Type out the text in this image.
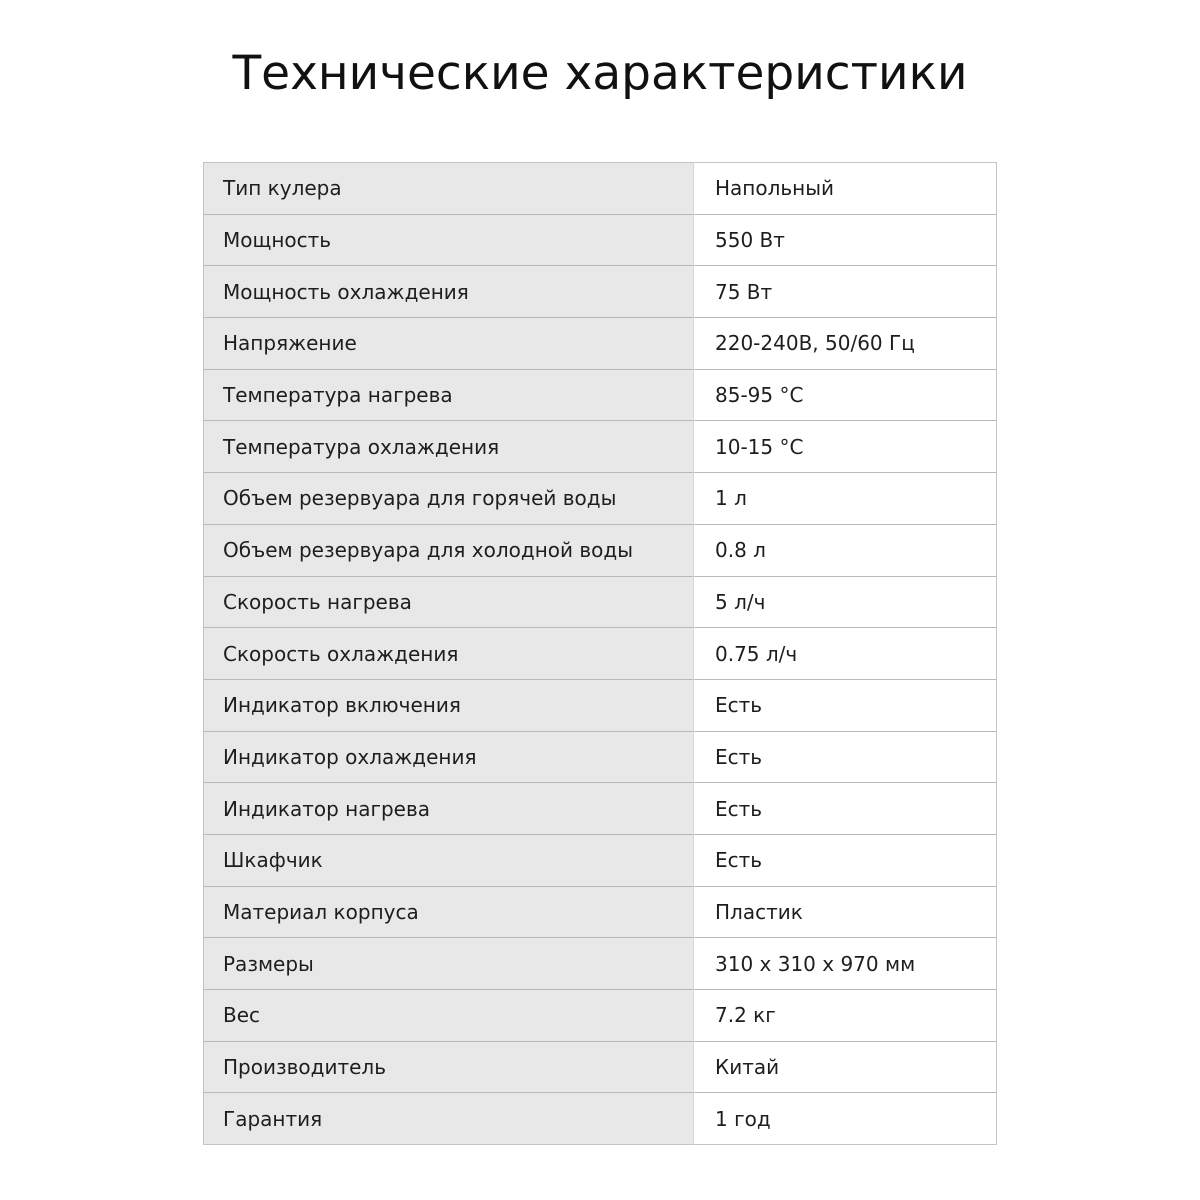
Технические характеристики
Тип кулера	Напольный
Мощность	550 Вт
Мощность охлаждения	75 Вт
Напряжение	220-240В, 50/60 Гц
Температура нагрева	85-95 °С
Температура охлаждения	10-15 °С
Объем резервуара для горячей воды	1 л
Объем резервуара для холодной воды	0.8 л
Скорость нагрева	5 л/ч
Скорость охлаждения	0.75 л/ч
Индикатор включения	Есть
Индикатор охлаждения	Есть
Индикатор нагрева	Есть
Шкафчик	Есть
Материал корпуса	Пластик
Размеры	310 х 310 х 970 мм
Вес	7.2 кг
Производитель	Китай
Гарантия	1 год
